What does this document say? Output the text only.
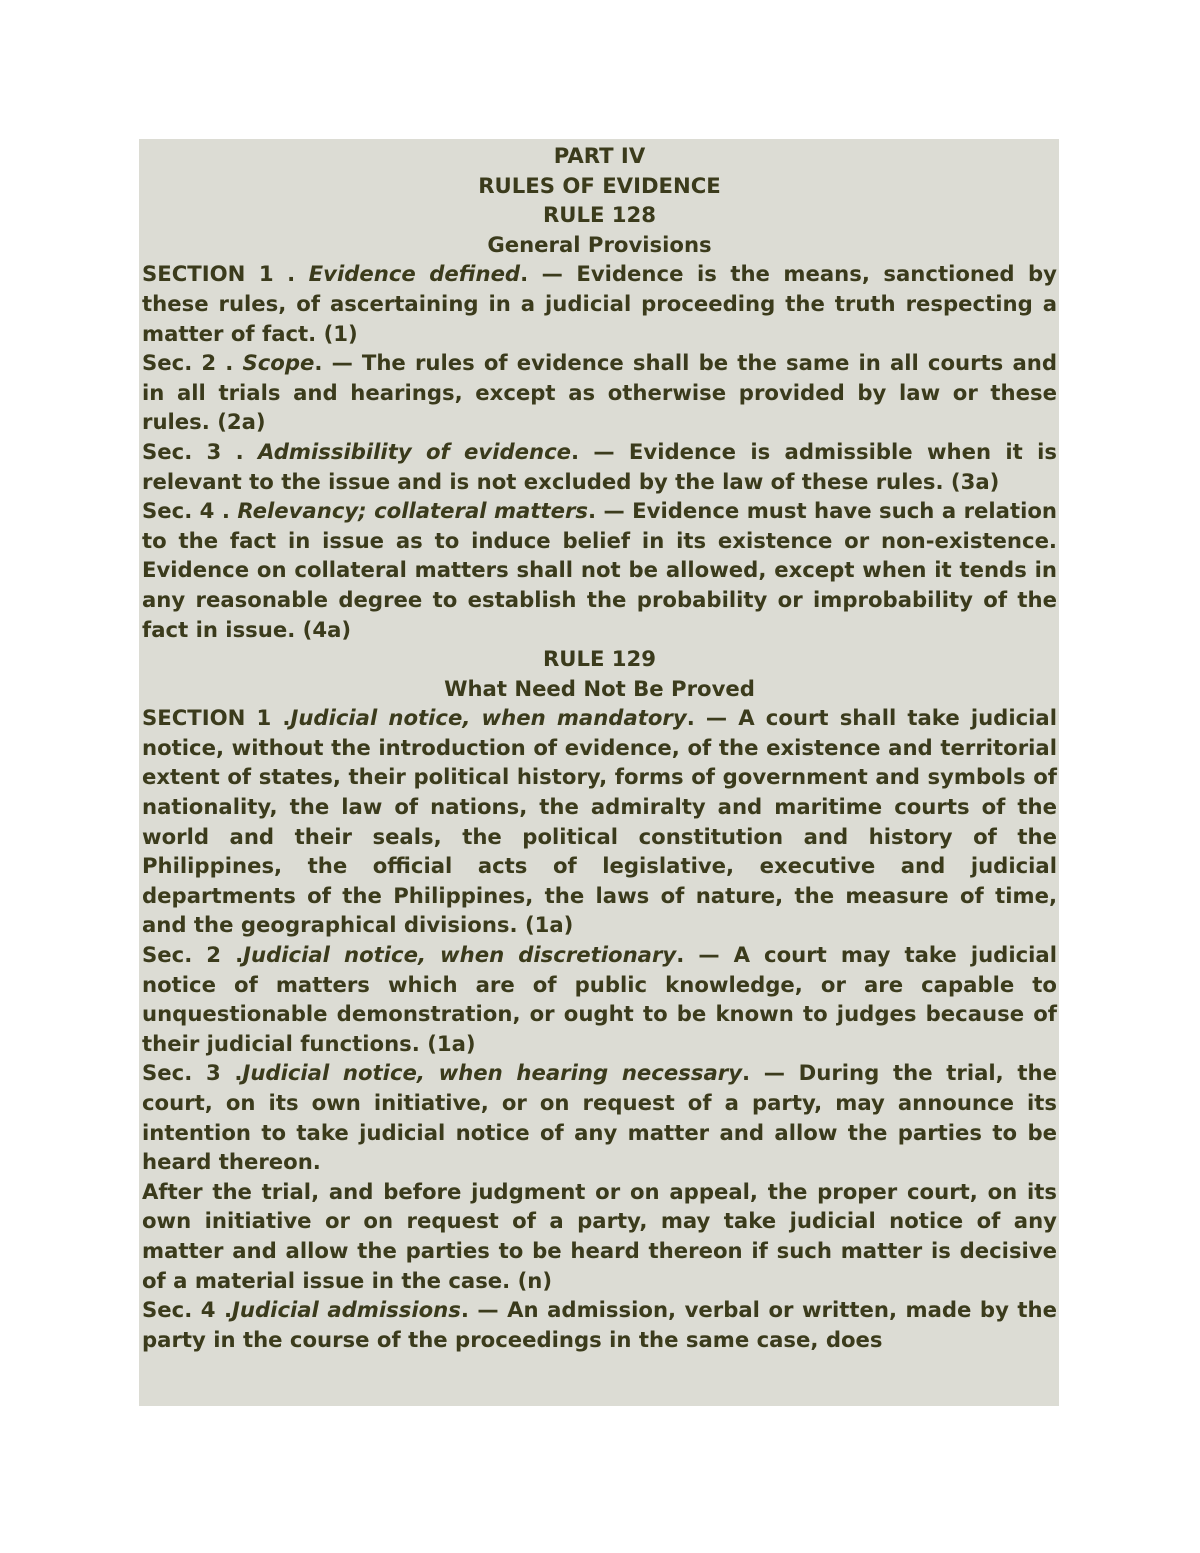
PART IV

RULES OF EVIDENCE

RULE 128

General Provisions

SECTION 1 . Evidence defined. — Evidence is the means, sanctioned by these rules, of ascertaining in a judicial proceeding the truth respecting a matter of fact. (1)

Sec. 2 . Scope. — The rules of evidence shall be the same in all courts and in all trials and hearings, except as otherwise provided by law or these rules. (2a)

Sec. 3 . Admissibility of evidence. — Evidence is admissible when it is relevant to the issue and is not excluded by the law of these rules. (3a)

Sec. 4 . Relevancy; collateral matters. — Evidence must have such a relation to the fact in issue as to induce belief in its existence or non-existence. Evidence on collateral matters shall not be allowed, except when it tends in any reasonable degree to establish the probability or improbability of the fact in issue. (4a)

RULE 129

What Need Not Be Proved

SECTION 1 .Judicial notice, when mandatory. — A court shall take judicial notice, without the introduction of evidence, of the existence and territorial extent of states, their political history, forms of government and symbols of nationality, the law of nations, the admiralty and maritime courts of the world and their seals, the political constitution and history of the Philippines, the official acts of legislative, executive and judicial departments of the Philippines, the laws of nature, the measure of time, and the geographical divisions. (1a)

Sec. 2 .Judicial notice, when discretionary. — A court may take judicial notice of matters which are of public knowledge, or are capable to unquestionable demonstration, or ought to be known to judges because of their judicial functions. (1a)

Sec. 3 .Judicial notice, when hearing necessary. — During the trial, the court, on its own initiative, or on request of a party, may announce its intention to take judicial notice of any matter and allow the parties to be heard thereon.

After the trial, and before judgment or on appeal, the proper court, on its own initiative or on request of a party, may take judicial notice of any matter and allow the parties to be heard thereon if such matter is decisive of a material issue in the case. (n)

Sec. 4 .Judicial admissions. — An admission, verbal or written, made by the party in the course of the proceedings in the same case, does
